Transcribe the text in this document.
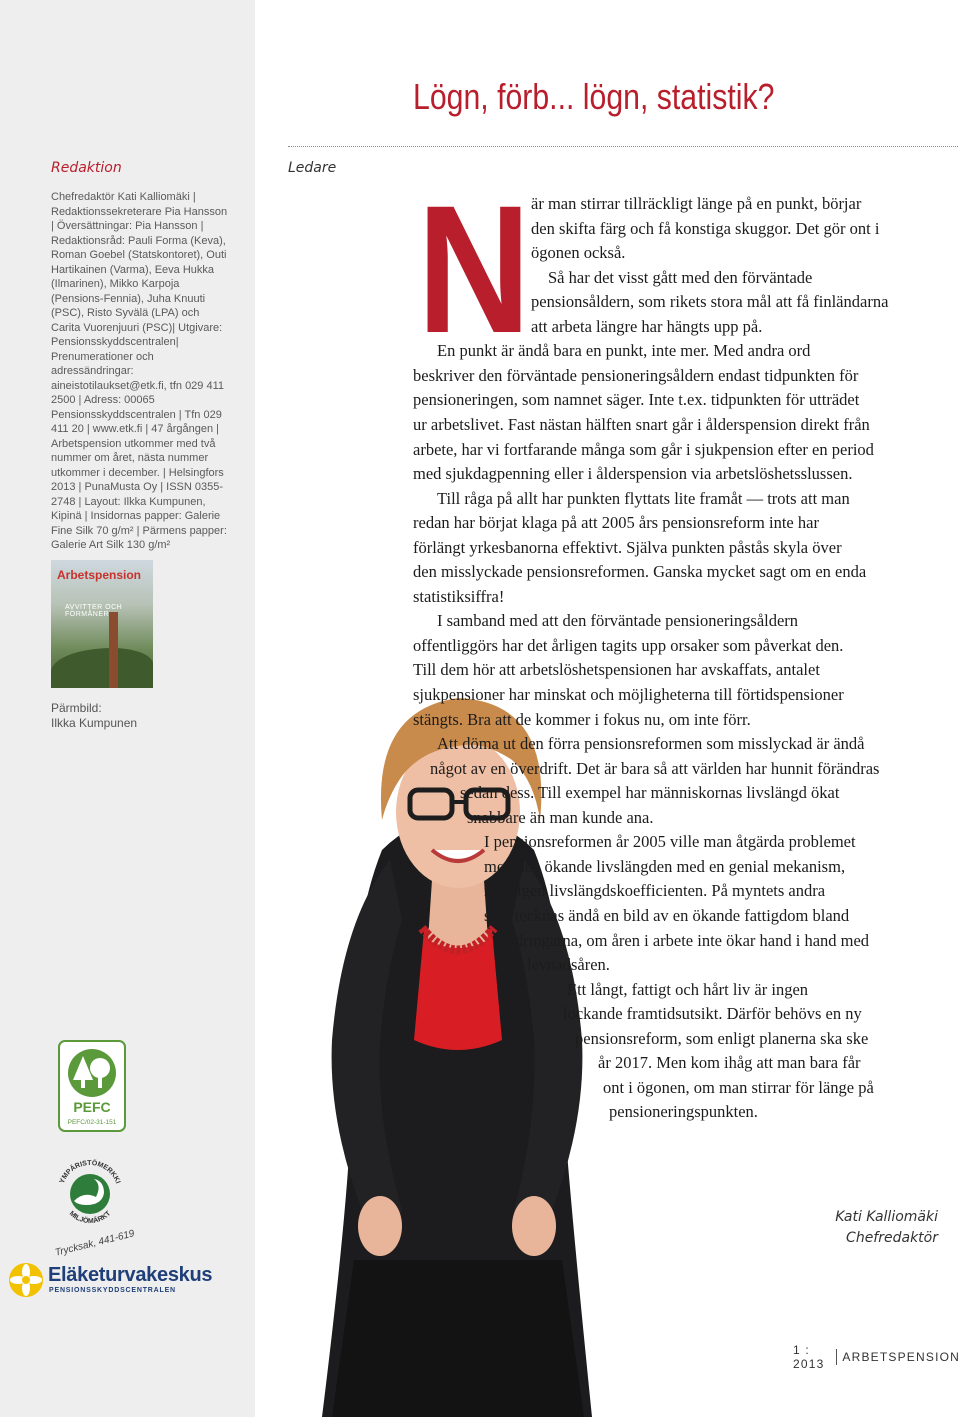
Redaktion

Chefredaktör Kati Kalliomäki | Redaktionssekreterare Pia Hansson | Översättningar: Pia Hansson | Redaktionsråd: Pauli Forma (Keva), Roman Goebel (Statskontoret), Outi Hartikainen (Varma), Eeva Hukka (Ilmarinen), Mikko Karpoja (Pensions-Fennia), Juha Knuuti (PSC), Risto Syvälä (LPA) och Carita Vuorenjuuri (PSC)| Utgivare: Pensionsskyddscentralen| Prenumerationer och adressändringar: aineistotilaukset@etk.fi, tfn 029 411 2500 | Adress: 00065 Pensionsskyddscentralen | Tfn 029 411 20 | www.etk.fi | 47 årgången | Arbetspension utkommer med två nummer om året, nästa nummer utkommer i december. | Helsingfors 2013 | PunaMusta Oy | ISSN 0355-2748 | Layout: Ilkka Kumpunen, Kipinä | Insidornas papper: Galerie Fine Silk 70 g/m² | Pärmens papper: Galerie Art Silk 130 g/m²

Arbetspension
AVVITTER OCH FÖRMÅNER

Pärmbild:
Ilkka Kumpunen

PEFC
PEFC/02-31-151
YMPÄRISTÖMERKKI
MILJÖMÄRKT
Trycksak, 441-619
Eläketurvakeskus
PENSIONSSKYDDSCENTRALEN
Lögn, förb... lögn, statistik?
Ledare N är man stirrar tillräckligt länge på en punkt, börjar
den skifta färg och få konstiga skuggor. Det gör ont i
ögonen också.
Så har det visst gått med den förväntade
pensionsåldern, som rikets stora mål att få finländarna
att arbeta längre har hängts upp på.
En punkt är ändå bara en punkt, inte mer. Med andra ord
beskriver den förväntade pensioneringsåldern endast tidpunkten för
pensioneringen, som namnet säger. Inte t.ex. tidpunkten för utträdet
ur arbetslivet. Fast nästan hälften snart går i ålderspension direkt från
arbete, har vi fortfarande många som går i sjukpension efter en period
med sjukdagpenning eller i ålderspension via arbetslöshetsslussen.
Till råga på allt har punkten flyttats lite framåt — trots att man
redan har börjat klaga på att 2005 års pensionsreform inte har
förlängt yrkesbanorna effektivt. Själva punkten påstås skyla över
den misslyckade pensionsreformen. Ganska mycket sagt om en enda
statistiksiffra!
I samband med att den förväntade pensioneringsåldern
offentliggörs har det årligen tagits upp orsaker som påverkat den.
Till dem hör att arbetslöshetspensionen har avskaffats, antalet
sjukpensioner har minskat och möjligheterna till förtidspensioner
stängts. Bra att de kommer i fokus nu, om inte förr.
Att döma ut den förra pensionsreformen som misslyckad är ändå
något av en överdrift. Det är bara så att världen har hunnit förändras
sedan dess. Till exempel har människornas livslängd ökat
snabbare än man kunde ana.
I pensionsreformen år 2005 ville man åtgärda problemet
med den ökande livslängden med en genial mekanism,
nämligen livslängdskoefficienten. På myntets andra
sida tecknas ändå en bild av en ökande fattigdom bland
åldringarna, om åren i arbete inte ökar hand i hand med
levnadsåren.
Ett långt, fattigt och hårt liv är ingen
lockande framtidsutsikt. Därför behövs en ny
pensionsreform, som enligt planerna ska ske
år 2017. Men kom ihåg att man bara får
ont i ögonen, om man stirrar för länge på
pensioneringspunkten.
Kati Kalliomäki
Chefredaktör
1 : 2013	ARBETSPENSION
